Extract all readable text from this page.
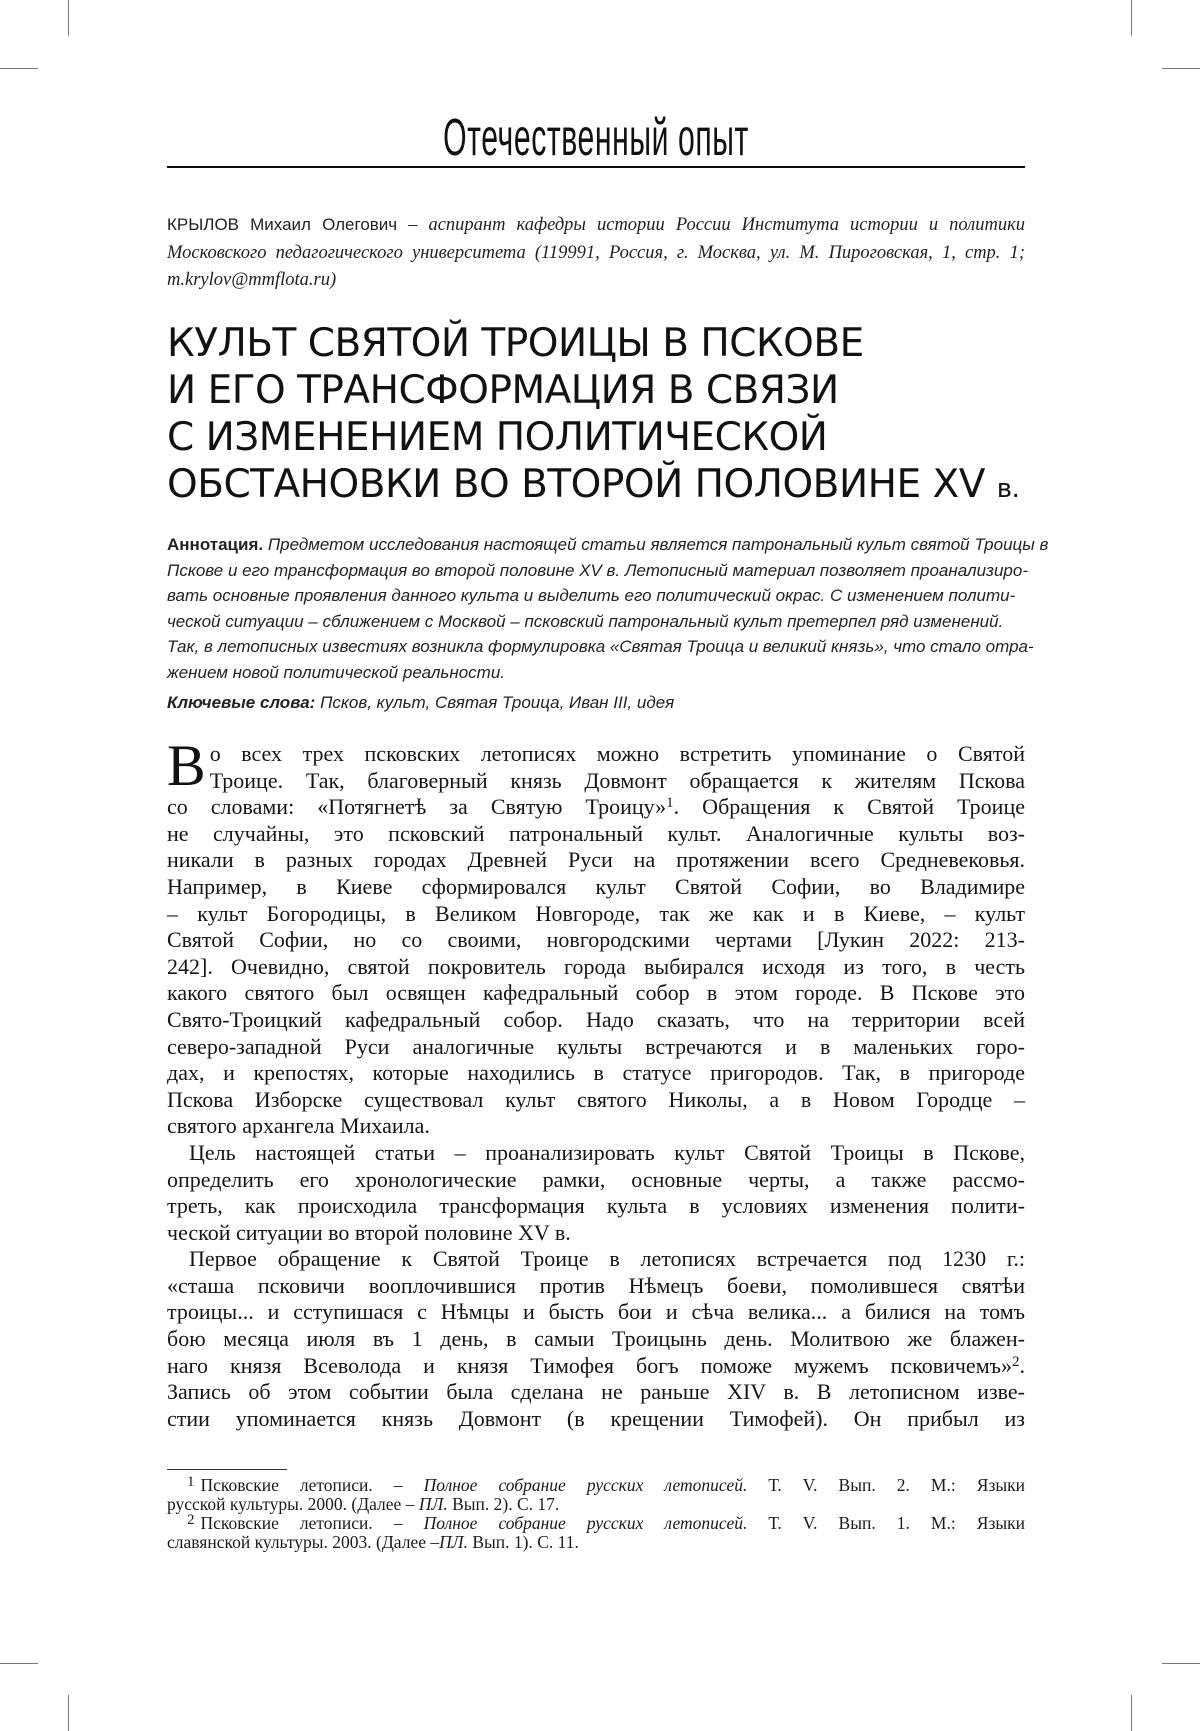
Отечественный опыт
КРЫЛОВ Михаил Олегович – аспирант кафедры истории России Института истории и политики Московского педагогического университета (119991, Россия, г. Москва, ул. М. Пироговская, 1, стр. 1; m.krylov@mmflota.ru)
КУЛЬТ СВЯТОЙ ТРОИЦЫ В ПСКОВЕ
И ЕГО ТРАНСФОРМАЦИЯ В СВЯЗИ
С ИЗМЕНЕНИЕМ ПОЛИТИЧЕСКОЙ
ОБСТАНОВКИ ВО ВТОРОЙ ПОЛОВИНЕ XV в.
Аннотация. Предметом исследования настоящей статьи является патрональный культ святой Троицы в
Пскове и его трансформация во второй половине XV в. Летописный материал позволяет проанализиро-
вать основные проявления данного культа и выделить его политический окрас. С изменением полити-
ческой ситуации – сближением с Москвой – псковский патрональный культ претерпел ряд изменений.
Так, в летописных известиях возникла формулировка «Святая Троица и великий князь», что стало отра-
жением новой политической реальности.
Ключевые слова: Псков, культ, Святая Троица, Иван III, идея
В о всех трех псковских летописях можно встретить упоминание о Святой
Троице. Так, благоверный князь Довмонт обращается к жителям Пскова
со словами: «Потягнетѣ за Святую Троицу»1. Обращения к Святой Троице
не случайны, это псковский патрональный культ. Аналогичные культы воз-
никали в разных городах Древней Руси на протяжении всего Средневековья.
Например, в Киеве сформировался культ Святой Софии, во Владимире
– культ Богородицы, в Великом Новгороде, так же как и в Киеве, – культ
Святой Софии, но со своими, новгородскими чертами [Лукин 2022: 213-
242]. Очевидно, святой покровитель города выбирался исходя из того, в честь
какого святого был освящен кафедральный собор в этом городе. В Пскове это
Свято-Троицкий кафедральный собор. Надо сказать, что на территории всей
северо-западной Руси аналогичные культы встречаются и в маленьких горо-
дах, и крепостях, которые находились в статусе пригородов. Так, в пригороде
Пскова Изборске существовал культ святого Николы, а в Новом Городце –
святого архангела Михаила.
Цель настоящей статьи – проанализировать культ Святой Троицы в Пскове,
определить его хронологические рамки, основные черты, а также рассмо-
треть, как происходила трансформация культа в условиях изменения полити-
ческой ситуации во второй половине XV в.
Первое обращение к Святой Троице в летописях встречается под 1230 г.:
«сташа псковичи вооплочившися против Нѣмецъ боеви, помолившеся святѣи
троицы... и сступишася с Нѣмцы и бысть бои и сѣча велика... а билися на томъ
бою месяца июля въ 1 день, в самыи Троицынь день. Молитвою же блажен-
наго князя Всеволода и князя Тимофея богъ поможе мужемъ псковичемъ»2.
Запись об этом событии была сделана не раньше XIV в. В летописном изве-
стии упоминается князь Довмонт (в крещении Тимофей). Он прибыл из
1 Псковские летописи. – Полное собрание русских летописей. Т. V. Вып. 2. М.: Языки
русской культуры. 2000. (Далее – ПЛ. Вып. 2). С. 17.
2 Псковские летописи. – Полное собрание русских летописей. Т. V. Вып. 1. М.: Языки
славянской культуры. 2003. (Далее –ПЛ. Вып. 1). С. 11.
